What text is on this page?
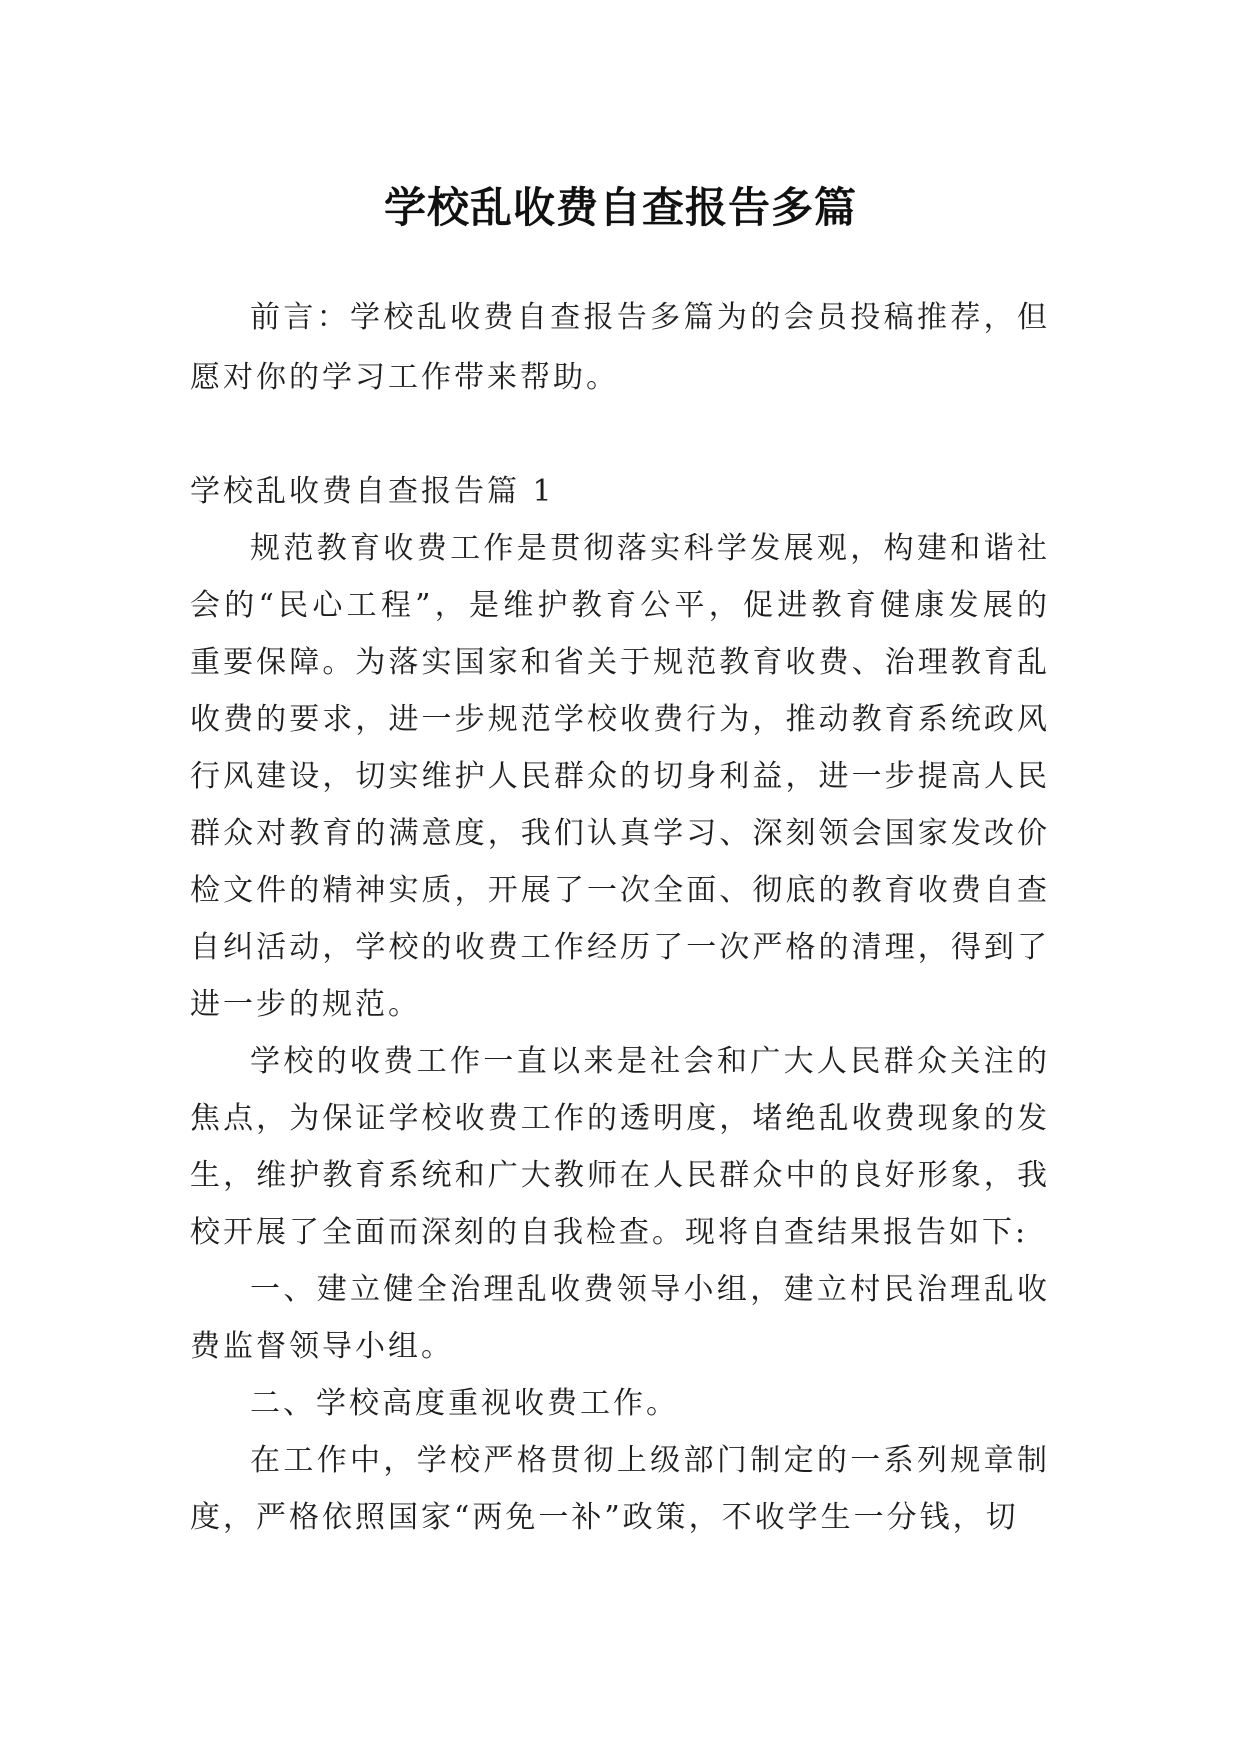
学校乱收费自查报告多篇

前言：学校乱收费自查报告多篇为的会员投稿推荐，但愿对你的学习工作带来帮助。

学校乱收费自查报告篇 1

规范教育收费工作是贯彻落实科学发展观，构建和谐社会的“民心工程”，是维护教育公平，促进教育健康发展的重要保障。为落实国家和省关于规范教育收费、治理教育乱收费的要求，进一步规范学校收费行为，推动教育系统政风行风建设，切实维护人民群众的切身利益，进一步提高人民群众对教育的满意度，我们认真学习、深刻领会国家发改价检文件的精神实质，开展了一次全面、彻底的教育收费自查自纠活动，学校的收费工作经历了一次严格的清理，得到了进一步的规范。

学校的收费工作一直以来是社会和广大人民群众关注的焦点，为保证学校收费工作的透明度，堵绝乱收费现象的发生，维护教育系统和广大教师在人民群众中的良好形象，我校开展了全面而深刻的自我检查。现将自查结果报告如下:

一、建立健全治理乱收费领导小组，建立村民治理乱收费监督领导小组。

二、学校高度重视收费工作。

在工作中，学校严格贯彻上级部门制定的一系列规章制度，严格依照国家“两免一补”政策，不收学生一分钱，切
